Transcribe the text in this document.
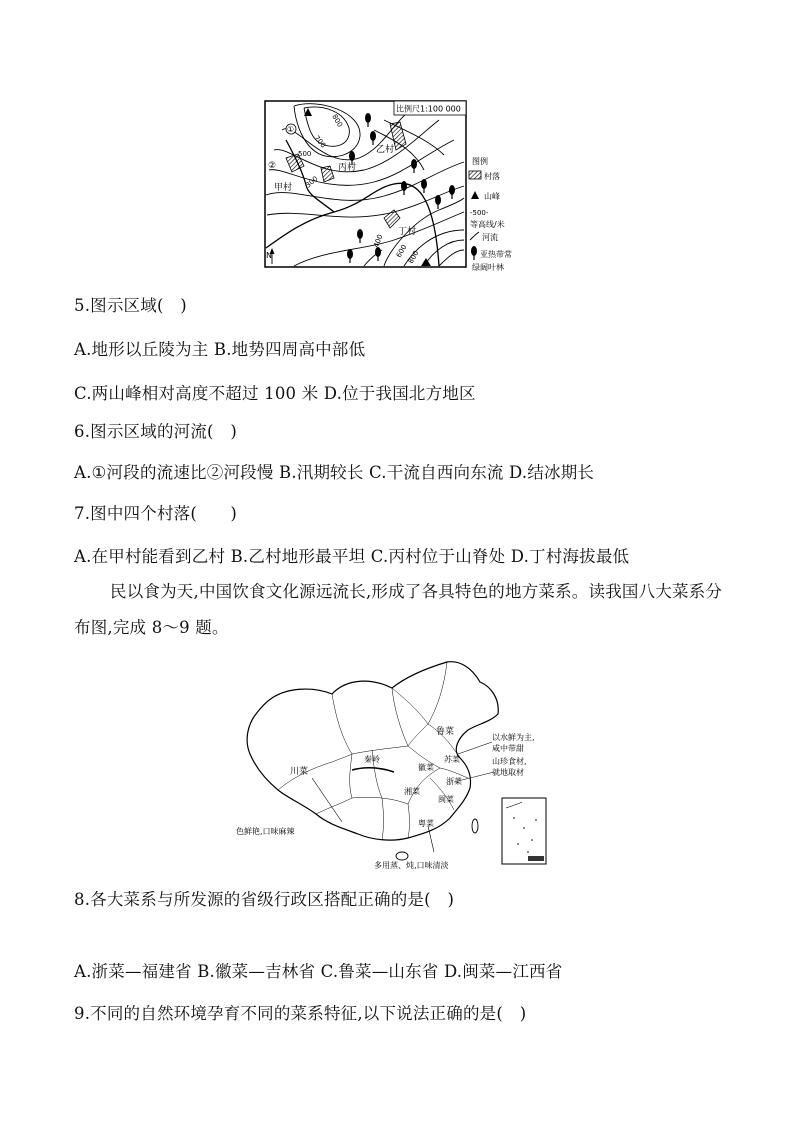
比例尺1:100 000
①
②
甲村
乙村
丙村
丁村
800
700
500
300
400
600
800
N
图例
村落
山峰
-500-
等高线/米
河流
亚热带常
绿阔叶林
5.图示区域(　)
A.地形以丘陵为主 B.地势四周高中部低
C.两山峰相对高度不超过 100 米 D.位于我国北方地区
6.图示区域的河流(　)
A.①河段的流速比②河段慢 B.汛期较长 C.干流自西向东流 D.结冰期长
7.图中四个村落(　　)
A.在甲村能看到乙村 B.乙村地形最平坦 C.丙村位于山脊处 D.丁村海拔最低
民以食为天,中国饮食文化源远流长,形成了各具特色的地方菜系。读我国八大菜系分布图,完成 8～9 题。
鲁菜
秦岭
川菜	徽菜
苏菜
浙菜
湘菜
闽菜
粤菜
以水鲜为主,
咸中带甜
山珍食材,
就地取材
色鲜艳,口味麻辣
多用蒸、炖,口味清淡
8.各大菜系与所发源的省级行政区搭配正确的是(　)
A.浙菜—福建省 B.徽菜—吉林省 C.鲁菜—山东省 D.闽菜—江西省
9.不同的自然环境孕育不同的菜系特征,以下说法正确的是(　)
